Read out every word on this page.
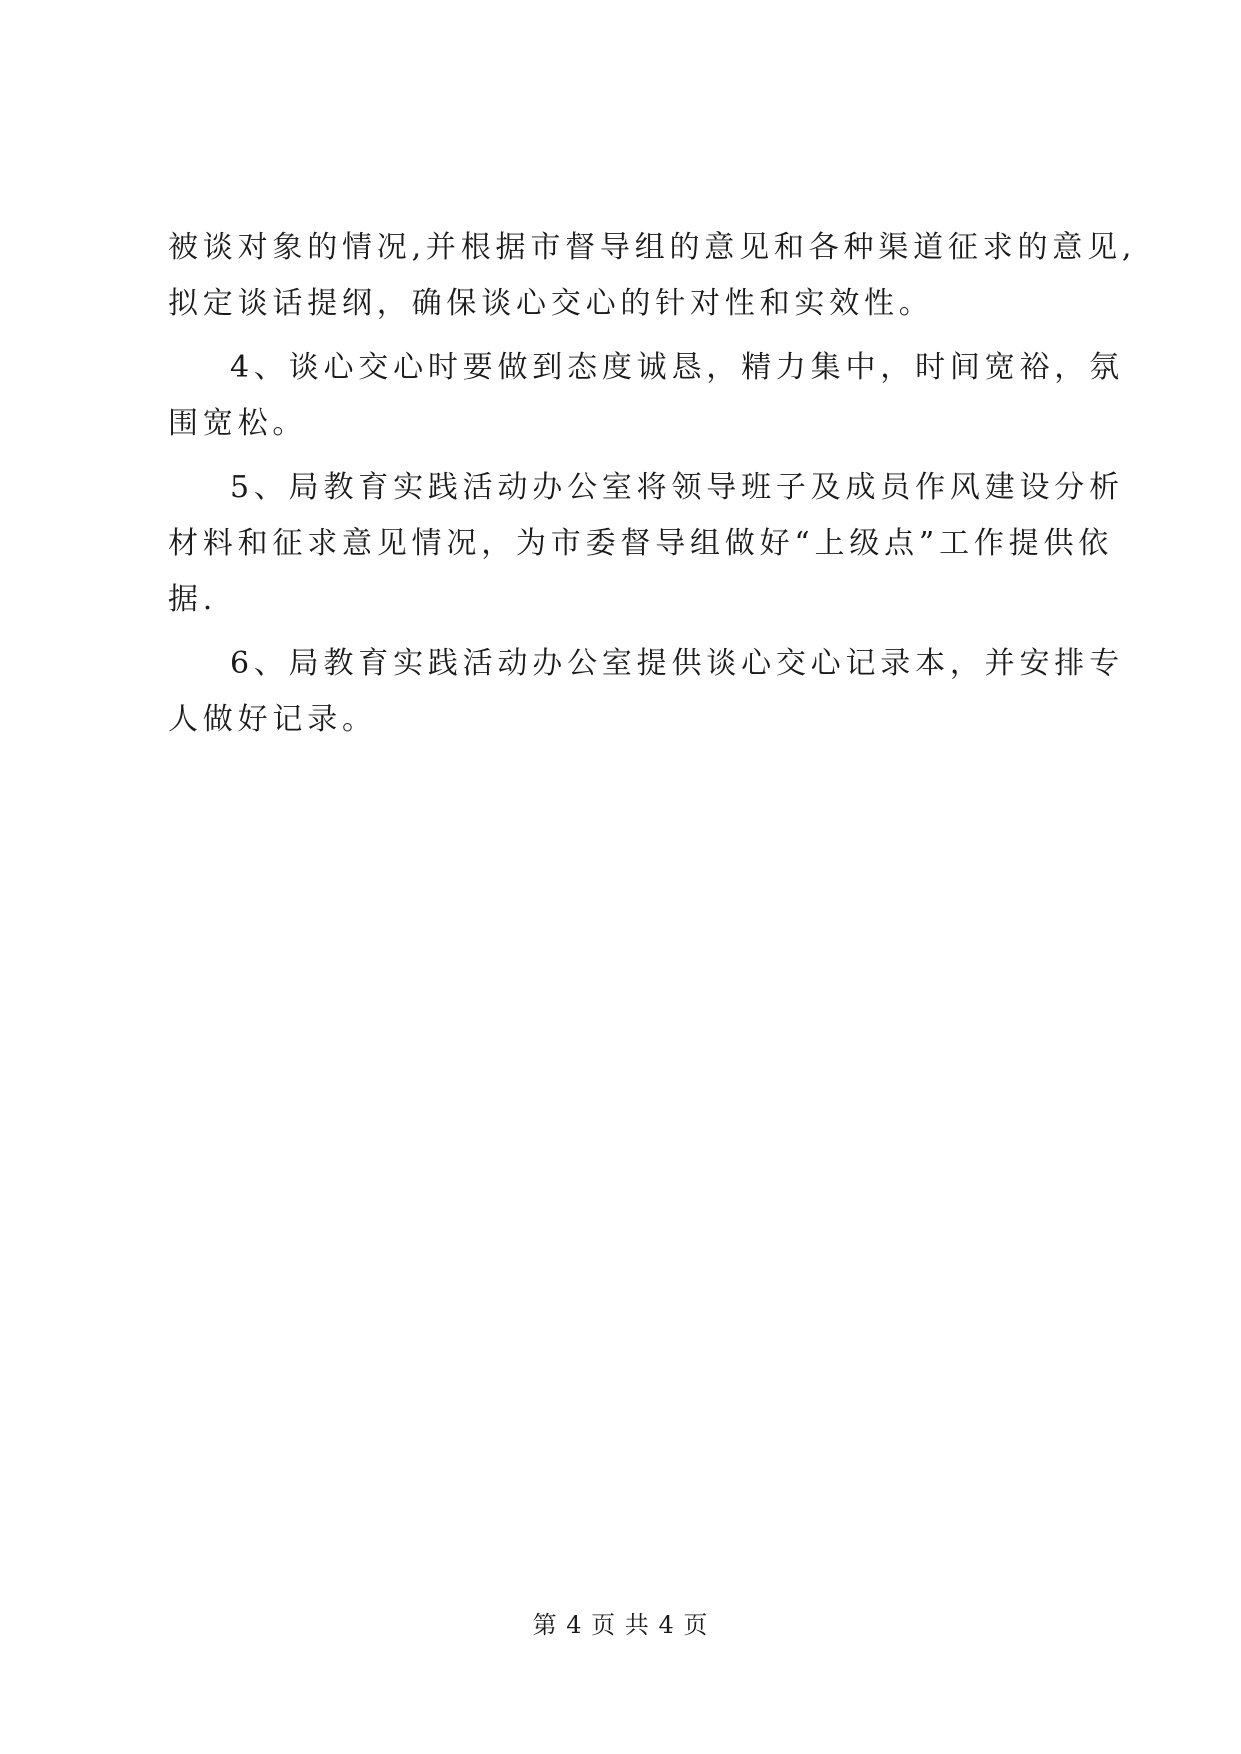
被谈对象的情况,并根据市督导组的意见和各种渠道征求的意见,
拟定谈话提纲，确保谈心交心的针对性和实效性。
4、谈心交心时要做到态度诚恳，精力集中，时间宽裕，氛
围宽松。
5、局教育实践活动办公室将领导班子及成员作风建设分析
材料和征求意见情况，为市委督导组做好“上级点”工作提供依
据.
6、局教育实践活动办公室提供谈心交心记录本，并安排专
人做好记录。
第 4 页 共 4 页
